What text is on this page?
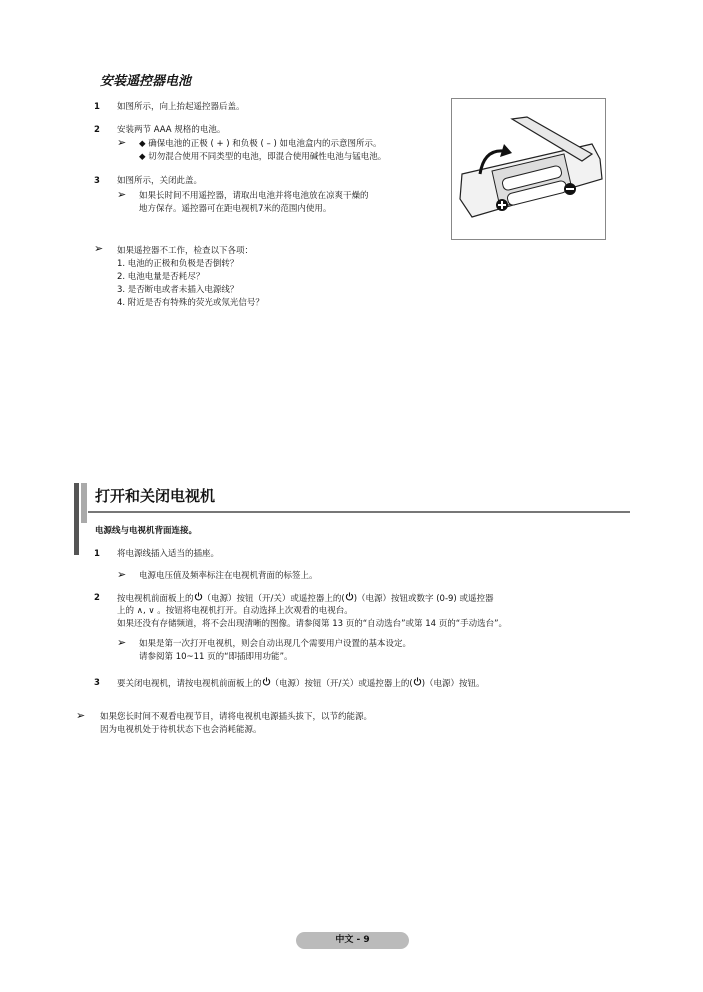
安装遥控器电池
1 如图所示，向上抬起遥控器后盖。
2 安装两节 AAA 规格的电池。
➢ ◆ 确保电池的正极 ( + ) 和负极 ( – ) 如电池盒内的示意图所示。
◆ 切勿混合使用不同类型的电池，即混合使用碱性电池与锰电池。
3 如图所示，关闭此盖。
➢ 如果长时间不用遥控器，请取出电池并将电池放在凉爽干燥的
地方保存。遥控器可在距电视机7米的范围内使用。
➢ 如果遥控器不工作，检查以下各项：
1. 电池的正极和负极是否倒转？
2. 电池电量是否耗尽？
3. 是否断电或者未插入电源线？
4. 附近是否有特殊的荧光或氖光信号？
打开和关闭电视机
电源线与电视机背面连接。
1 将电源线插入适当的插座。
➢ 电源电压值及频率标注在电视机背面的标签上。
2 按电视机前面板上的 （电源）按钮（开/关）或遥控器上的( )（电源）按钮或数字 (0-9) 或遥控器
上的 ∧, ∨ 。按钮将电视机打开。自动选择上次观看的电视台。
如果还没有存储频道，将不会出现清晰的图像。请参阅第 13 页的“自动选台”或第 14 页的“手动选台”。
➢ 如果是第一次打开电视机，则会自动出现几个需要用户设置的基本设定。
请参阅第 10~11 页的“即插即用功能”。
3 要关闭电视机，请按电视机前面板上的 （电源）按钮（开/关）或遥控器上的( )（电源）按钮。
➢ 如果您长时间不观看电视节目，请将电视机电源插头拔下，以节约能源。
因为电视机处于待机状态下也会消耗能源。
中文 - 9
